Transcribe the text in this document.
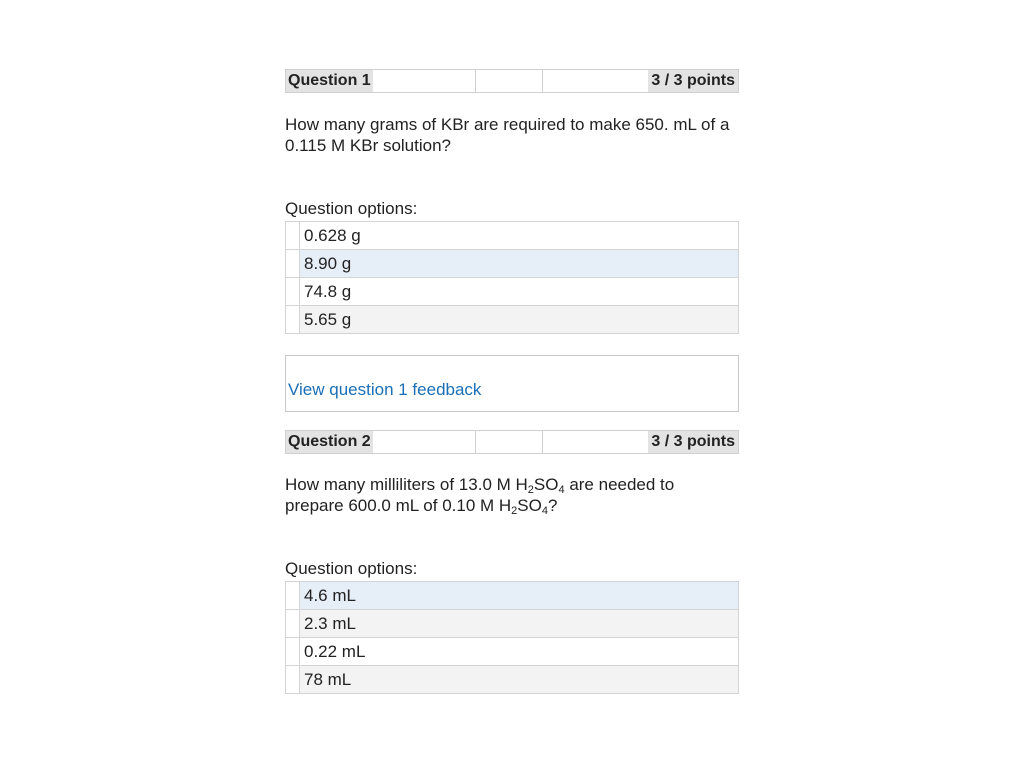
Question 1	3 / 3 points
How many grams of KBr are required to make 650. mL of a 0.115 M KBr solution?
Question options:
0.628 g
8.90 g
74.8 g
5.65 g
View question 1 feedback
Question 2	3 / 3 points
How many milliliters of 13.0 M $H_2SO_4$ are needed to prepare 600.0 mL of 0.10 M $H_2SO_4$?
Question options:
4.6 mL
2.3 mL
0.22 mL
78 mL
